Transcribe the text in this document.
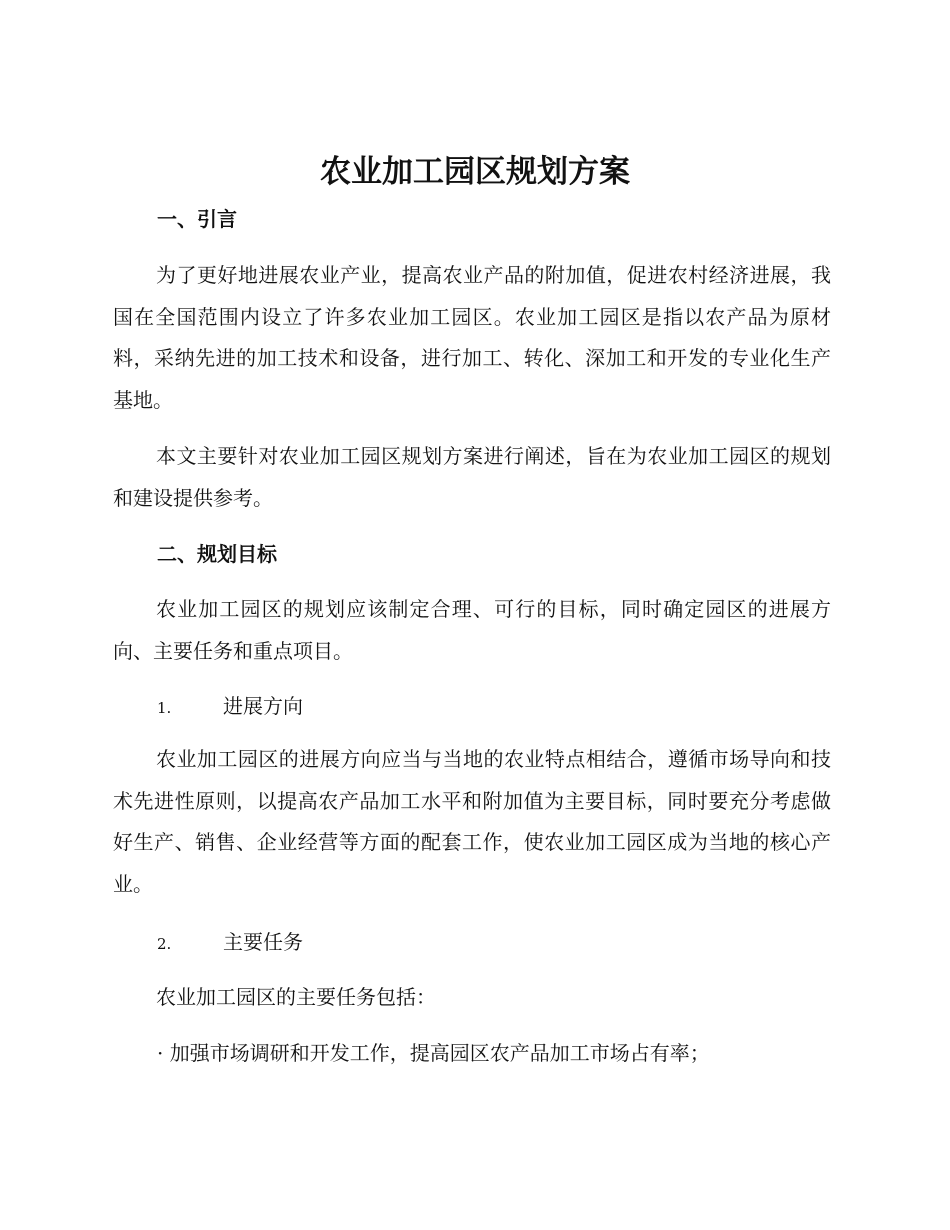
农业加工园区规划方案
一、引言

为了更好地进展农业产业，提高农业产品的附加值，促进农村经济进展，我国在全国范围内设立了许多农业加工园区。农业加工园区是指以农产品为原材料，采纳先进的加工技术和设备，进行加工、转化、深加工和开发的专业化生产基地。

本文主要针对农业加工园区规划方案进行阐述，旨在为农业加工园区的规划和建设提供参考。

二、规划目标

农业加工园区的规划应该制定合理、可行的目标，同时确定园区的进展方向、主要任务和重点项目。

1.	进展方向

农业加工园区的进展方向应当与当地的农业特点相结合，遵循市场导向和技术先进性原则，以提高农产品加工水平和附加值为主要目标，同时要充分考虑做好生产、销售、企业经营等方面的配套工作，使农业加工园区成为当地的核心产业。

2.	主要任务

农业加工园区的主要任务包括：

· 加强市场调研和开发工作，提高园区农产品加工市场占有率；
